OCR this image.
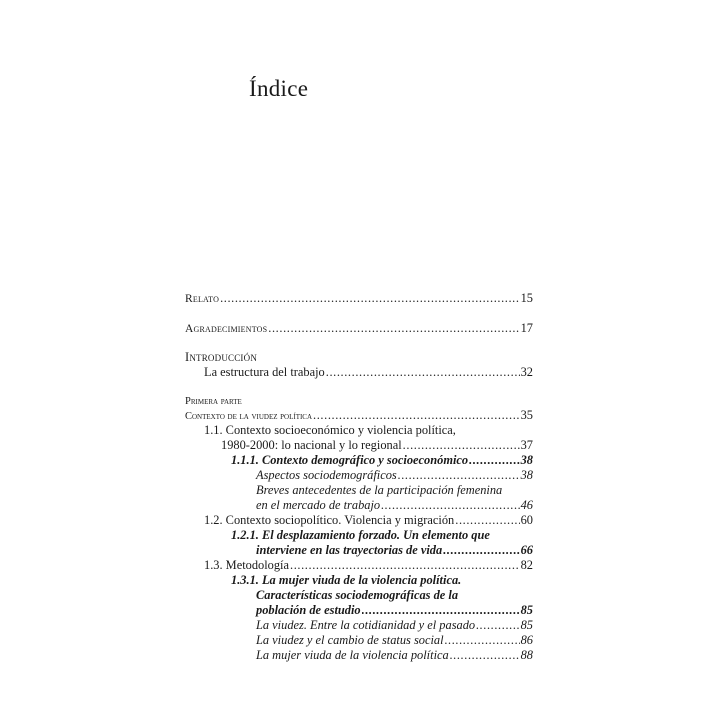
Índice
Relato .....	15
Agradecimientos .....	17
Introducción
La estructura del trabajo .....	32
Primera parte
Contexto de la viudez política .....	35
1.1. Contexto socioeconómico y violencia política,
1980-2000: lo nacional y lo regional .....	37
1.1.1. Contexto demográfico y socioeconómico .....	38
Aspectos sociodemográficos .....	38
Breves antecedentes de la participación femenina
en el mercado de trabajo .....	46
1.2. Contexto sociopolítico. Violencia y migración .....	60
1.2.1. El desplazamiento forzado. Un elemento que
interviene en las trayectorias de vida .....	66
1.3. Metodología .....	82
1.3.1. La mujer viuda de la violencia política.
Características sociodemográficas de la
población de estudio .....	85
La viudez. Entre la cotidianidad y el pasado .....	85
La viudez y el cambio de status social .....	86
La mujer viuda de la violencia política .....	88
